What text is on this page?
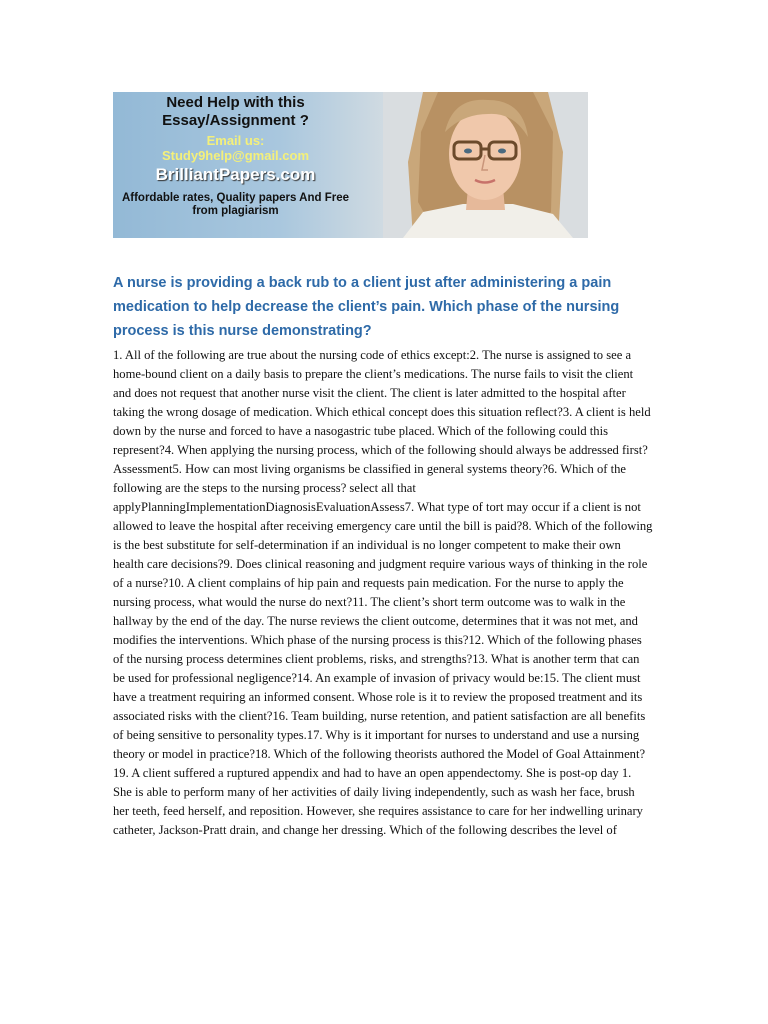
Need Help with this
Essay/Assignment ?
Email us:
Study9help@gmail.com
BrilliantPapers.com
Affordable rates, Quality papers And Free from plagiarism
A nurse is providing a back rub to a client just after administering a pain medication to help decrease the client’s pain. Which phase of the nursing process is this nurse demonstrating?
1. All of the following are true about the nursing code of ethics except:2. The nurse is assigned to see a home-bound client on a daily basis to prepare the client’s medications. The nurse fails to visit the client and does not request that another nurse visit the client. The client is later admitted to the hospital after taking the wrong dosage of medication. Which ethical concept does this situation reflect?3. A client is held down by the nurse and forced to have a nasogastric tube placed. Which of the following could this represent?4. When applying the nursing process, which of the following should always be addressed first? Assessment5. How can most living organisms be classified in general systems theory?6. Which of the following are the steps to the nursing process? select all that applyPlanningImplementationDiagnosisEvaluationAssess7. What type of tort may occur if a client is not allowed to leave the hospital after receiving emergency care until the bill is paid?8. Which of the following is the best substitute for self-determination if an individual is no longer competent to make their own health care decisions?9. Does clinical reasoning and judgment require various ways of thinking in the role of a nurse?10. A client complains of hip pain and requests pain medication. For the nurse to apply the nursing process, what would the nurse do next?11. The client’s short term outcome was to walk in the hallway by the end of the day. The nurse reviews the client outcome, determines that it was not met, and modifies the interventions. Which phase of the nursing process is this?12. Which of the following phases of the nursing process determines client problems, risks, and strengths?13. What is another term that can be used for professional negligence?14. An example of invasion of privacy would be:15. The client must have a treatment requiring an informed consent. Whose role is it to review the proposed treatment and its associated risks with the client?16. Team building, nurse retention, and patient satisfaction are all benefits of being sensitive to personality types.17. Why is it important for nurses to understand and use a nursing theory or model in practice?18. Which of the following theorists authored the Model of Goal Attainment?19. A client suffered a ruptured appendix and had to have an open appendectomy. She is post-op day 1. She is able to perform many of her activities of daily living independently, such as wash her face, brush her teeth, feed herself, and reposition. However, she requires assistance to care for her indwelling urinary catheter, Jackson-Pratt drain, and change her dressing. Which of the following describes the level of
